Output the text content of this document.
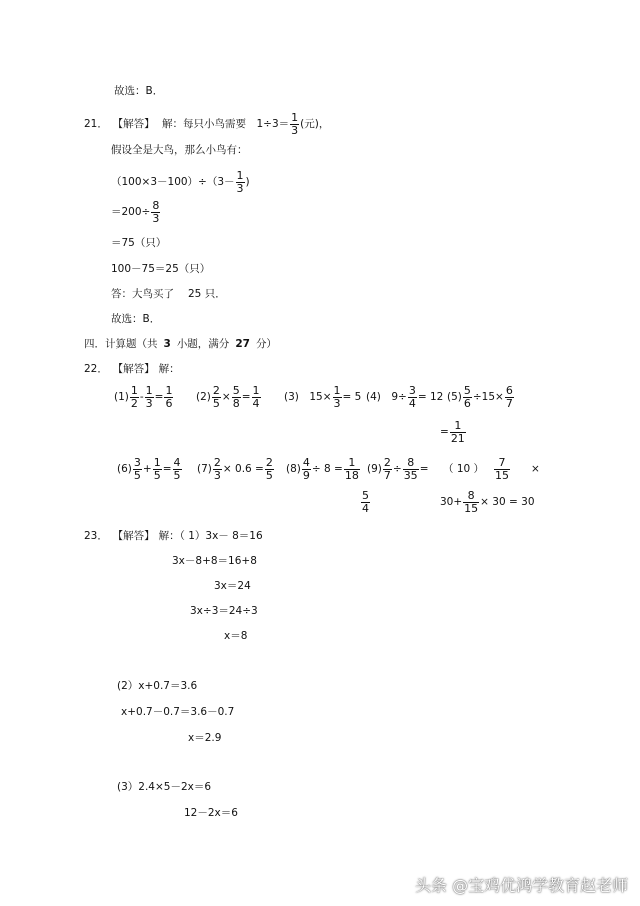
故选：B．
21． 【解答】 解：每只小鸟需要　$1\div 3= \frac{1}{3}$ (元)，
假设全是大鸟，那么小鸟有：
$(100\times 3-100)\div(3- \frac{1}{3}$ )
$=200\div \frac{8}{3}$
＝75（只）
100－75＝25（只）
答：大鸟买了 25 只．
故选：B．
四．计算题（共 3 小题，满分 27 分）
22． 【解答】 解：
$(1) \frac{1}{2} - \frac{1}{3} = \frac{1}{6} (2) \frac{2}{5} \times \frac{5}{8} = \frac{1}{4} (3)$　$15\times \frac{1}{3} = 5$ (4)　$9\div \frac{3}{4} = 12$ $(5) \frac{5}{6} \div 15\times \frac{6}{7}$
= $\frac{1}{21}$
$(6) \frac{3}{5} + \frac{1}{5} = \frac{4}{5} (7) \frac{2}{3} \times 0.6 = \frac{2}{5} (8) \frac{4}{9} \div 8 = \frac{1}{18} (9) \frac{2}{7} \div \frac{8}{35}$ = （ 10 ） $\frac{7}{15}$ ×
$\frac{5}{4}$	$30+ \frac{8}{15} \times 30 = 30$
23． 【解答】 解：（ 1）3x－ 8＝16
3x－8+8＝16+8
3x＝24
3x÷3＝24÷3
x＝8
(2）x+0.7＝3.6
x+0.7－0.7＝3.6－0.7
x＝2.9
(3）2.4×5－2x＝6
12－2x＝6
头条 @宝鸡优鸿学教育赵老师
